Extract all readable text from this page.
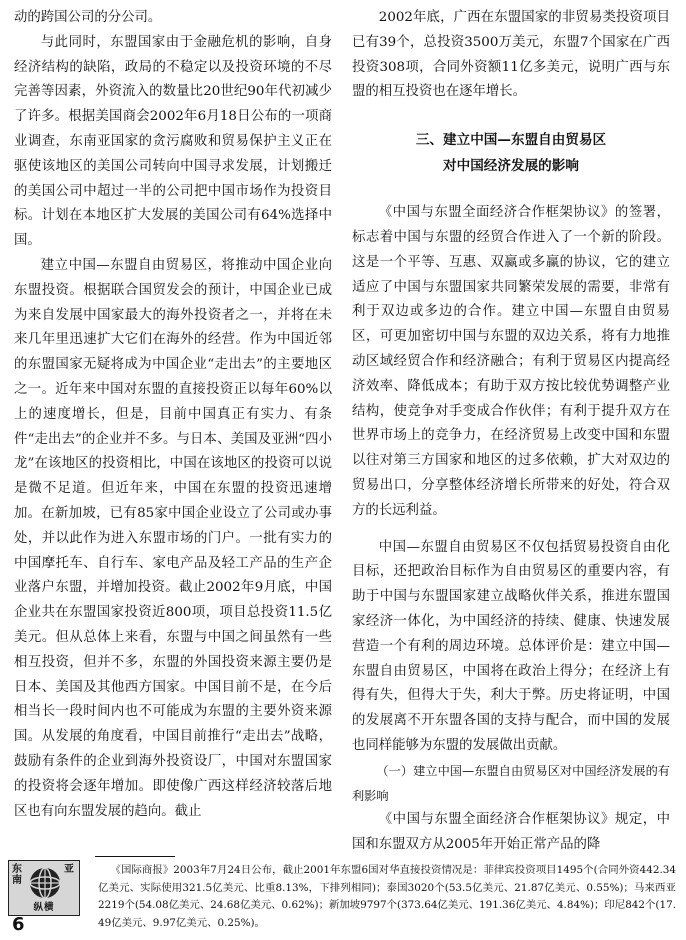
动的跨国公司的分公司。

与此同时，东盟国家由于金融危机的影响，自身经济结构的缺陷，政局的不稳定以及投资环境的不尽完善等因素，外资流入的数量比20世纪90年代初减少了许多。根据美国商会2002年6月18日公布的一项商业调查，东南亚国家的贪污腐败和贸易保护主义正在驱使该地区的美国公司转向中国寻求发展，计划搬迁的美国公司中超过一半的公司把中国市场作为投资目标。计划在本地区扩大发展的美国公司有64%选择中国。

建立中国—东盟自由贸易区，将推动中国企业向东盟投资。根据联合国贸发会的预计，中国企业已成为来自发展中国家最大的海外投资者之一，并将在未来几年里迅速扩大它们在海外的经营。作为中国近邻的东盟国家无疑将成为中国企业“走出去”的主要地区之一。近年来中国对东盟的直接投资正以每年60%以上的速度增长，但是，目前中国真正有实力、有条件“走出去”的企业并不多。与日本、美国及亚洲“四小龙”在该地区的投资相比，中国在该地区的投资可以说是微不足道。但近年来，中国在东盟的投资迅速增加。在新加坡，已有85家中国企业设立了公司或办事处，并以此作为进入东盟市场的门户。一批有实力的中国摩托车、自行车、家电产品及轻工产品的生产企业落户东盟，并增加投资。截止2002年9月底，中国企业共在东盟国家投资近800项，项目总投资11.5亿美元。但从总体上来看，东盟与中国之间虽然有一些相互投资，但并不多，东盟的外国投资来源主要仍是日本、美国及其他西方国家。中国目前不是，在今后相当长一段时间内也不可能成为东盟的主要外资来源国。从发展的角度看，中国目前推行“走出去”战略，鼓励有条件的企业到海外投资设厂，中国对东盟国家的投资将会逐年增加。即使像广西这样经济较落后地区也有向东盟发展的趋向。截止

2002年底，广西在东盟国家的非贸易类投资项目已有39个，总投资3500万美元，东盟7个国家在广西投资308项，合同外资额11亿多美元，说明广西与东盟的相互投资也在逐年增长。

三、建立中国—东盟自由贸易区
对中国经济发展的影响

《中国与东盟全面经济合作框架协议》的签署，标志着中国与东盟的经贸合作进入了一个新的阶段。这是一个平等、互惠、双赢或多赢的协议，它的建立适应了中国与东盟国家共同繁荣发展的需要，非常有利于双边或多边的合作。建立中国—东盟自由贸易区，可更加密切中国与东盟的双边关系，将有力地推动区域经贸合作和经济融合；有利于贸易区内提高经济效率、降低成本；有助于双方按比较优势调整产业结构，使竞争对手变成合作伙伴；有利于提升双方在世界市场上的竞争力，在经济贸易上改变中国和东盟以往对第三方国家和地区的过多依赖，扩大对双边的贸易出口，分享整体经济增长所带来的好处，符合双方的长远利益。

中国—东盟自由贸易区不仅包括贸易投资自由化目标，还把政治目标作为自由贸易区的重要内容，有助于中国与东盟国家建立战略伙伴关系，推进东盟国家经济一体化，为中国经济的持续、健康、快速发展营造一个有利的周边环境。总体评价是：建立中国—东盟自由贸易区，中国将在政治上得分；在经济上有得有失，但得大于失，利大于弊。历史将证明，中国的发展离不开东盟各国的支持与配合，而中国的发展也同样能够为东盟的发展做出贡献。

（一）建立中国—东盟自由贸易区对中国经济发展的有利影响

《中国与东盟全面经济合作框架协议》规定，中国和东盟双方从2005年开始正常产品的降

《国际商报》2003年7月24日公布，截止2001年东盟6国对华直接投资情况是：菲律宾投资项目1495个(合同外资442.34亿美元、实际使用321.5亿美元、比重8.13%，下排列相同)；泰国3020个(53.5亿美元、21.87亿美元、0.55%)；马来西亚2219个(54.08亿美元、24.68亿美元、0.62%)；新加坡9797个(373.64亿美元、191.36亿美元、4.84%)；印尼842个(17.49亿美元、9.97亿美元、0.25%)。

东南
亚
纵横
6
